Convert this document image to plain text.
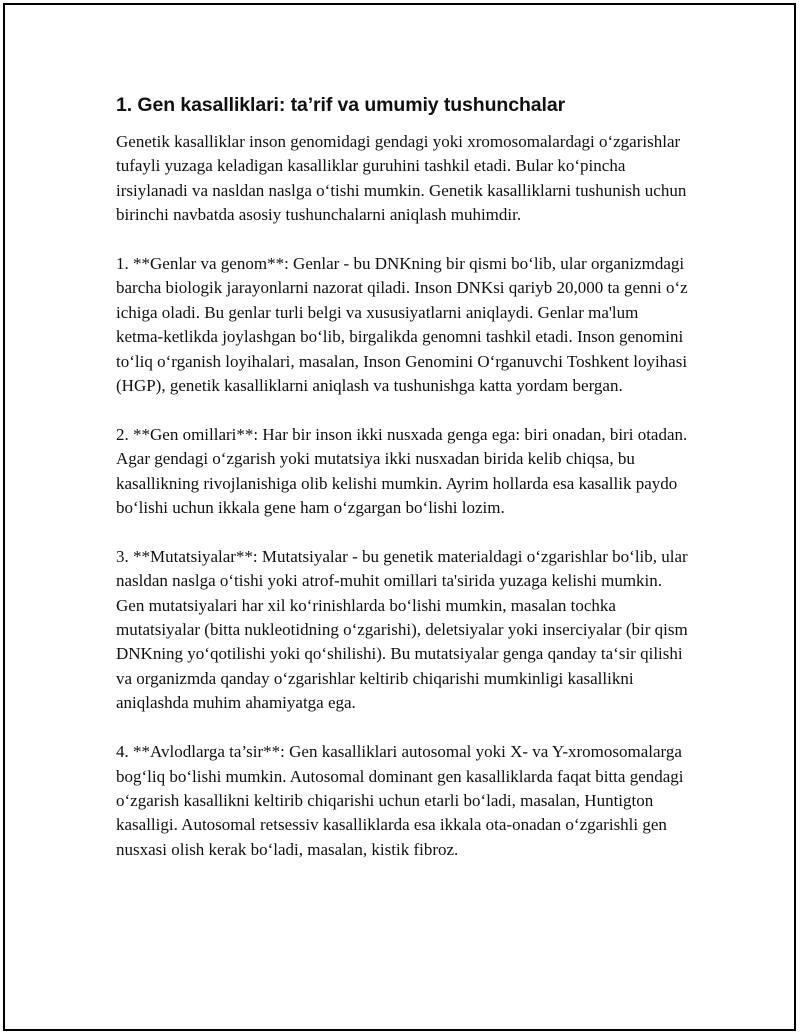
1. Gen kasalliklari: ta’rif va umumiy tushunchalar

Genetik kasalliklar inson genomidagi gendagi yoki xromosomalardagi o‘zgarishlar tufayli yuzaga keladigan kasalliklar guruhini tashkil etadi. Bular ko‘pincha irsiylanadi va nasldan naslga o‘tishi mumkin. Genetik kasalliklarni tushunish uchun birinchi navbatda asosiy tushunchalarni aniqlash muhimdir.

1. **Genlar va genom**: Genlar - bu DNKning bir qismi bo‘lib, ular organizmdagi barcha biologik jarayonlarni nazorat qiladi. Inson DNKsi qariyb 20,000 ta genni o‘z ichiga oladi. Bu genlar turli belgi va xususiyatlarni aniqlaydi. Genlar ma'lum ketma-ketlikda joylashgan bo‘lib, birgalikda genomni tashkil etadi. Inson genomini to‘liq o‘rganish loyihalari, masalan, Inson Genomini O‘rganuvchi Toshkent loyihasi (HGP), genetik kasalliklarni aniqlash va tushunishga katta yordam bergan.

2. **Gen omillari**: Har bir inson ikki nusxada genga ega: biri onadan, biri otadan. Agar gendagi o‘zgarish yoki mutatsiya ikki nusxadan birida kelib chiqsa, bu kasallikning rivojlanishiga olib kelishi mumkin. Ayrim hollarda esa kasallik paydo bo‘lishi uchun ikkala gene ham o‘zgargan bo‘lishi lozim.

3. **Mutatsiyalar**: Mutatsiyalar - bu genetik materialdagi o‘zgarishlar bo‘lib, ular nasldan naslga o‘tishi yoki atrof-muhit omillari ta'sirida yuzaga kelishi mumkin. Gen mutatsiyalari har xil ko‘rinishlarda bo‘lishi mumkin, masalan tochka mutatsiyalar (bitta nukleotidning o‘zgarishi), deletsiyalar yoki inserciyalar (bir qism DNKning yo‘qotilishi yoki qo‘shilishi). Bu mutatsiyalar genga qanday ta‘sir qilishi va organizmda qanday o‘zgarishlar keltirib chiqarishi mumkinligi kasallikni aniqlashda muhim ahamiyatga ega.

4. **Avlodlarga ta’sir**: Gen kasalliklari autosomal yoki X- va Y-xromosomalarga bog‘liq bo‘lishi mumkin. Autosomal dominant gen kasalliklarda faqat bitta gendagi o‘zgarish kasallikni keltirib chiqarishi uchun etarli bo‘ladi, masalan, Huntigton kasalligi. Autosomal retsessiv kasalliklarda esa ikkala ota-onadan o‘zgarishli gen nusxasi olish kerak bo‘ladi, masalan, kistik fibroz.
